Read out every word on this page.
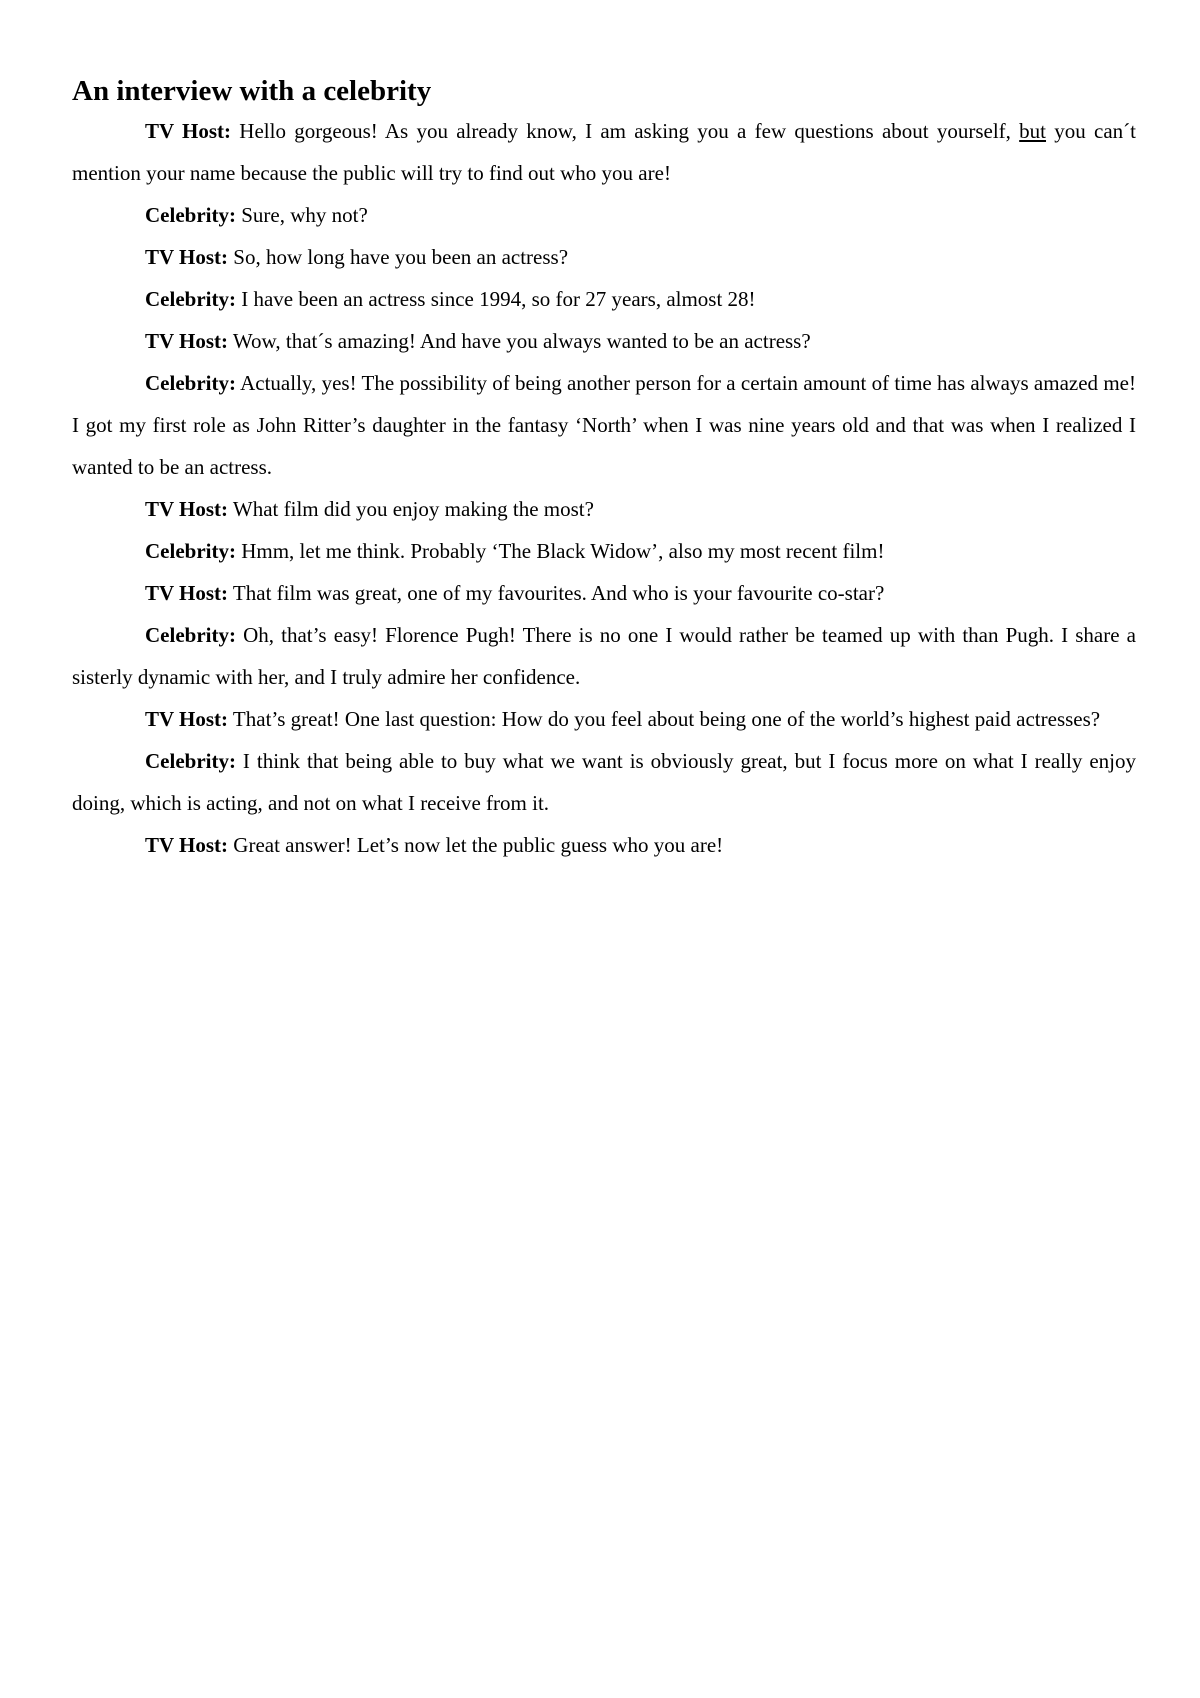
An interview with a celebrity

TV Host: Hello gorgeous! As you already know, I am asking you a few questions about yourself, but you can´t mention your name because the public will try to find out who you are!

Celebrity: Sure, why not?

TV Host: So, how long have you been an actress?

Celebrity: I have been an actress since 1994, so for 27 years, almost 28!

TV Host: Wow, that´s amazing! And have you always wanted to be an actress?

Celebrity: Actually, yes! The possibility of being another person for a certain amount of time has always amazed me! I got my first role as John Ritter’s daughter in the fantasy ‘North’ when I was nine years old and that was when I realized I wanted to be an actress.

TV Host: What film did you enjoy making the most?

Celebrity: Hmm, let me think. Probably ‘The Black Widow’, also my most recent film!

TV Host: That film was great, one of my favourites. And who is your favourite co-star?

Celebrity: Oh, that’s easy! Florence Pugh! There is no one I would rather be teamed up with than Pugh. I share a sisterly dynamic with her, and I truly admire her confidence.

TV Host: That’s great! One last question: How do you feel about being one of the world’s highest paid actresses?

Celebrity: I think that being able to buy what we want is obviously great, but I focus more on what I really enjoy doing, which is acting, and not on what I receive from it.

TV Host: Great answer! Let’s now let the public guess who you are!
